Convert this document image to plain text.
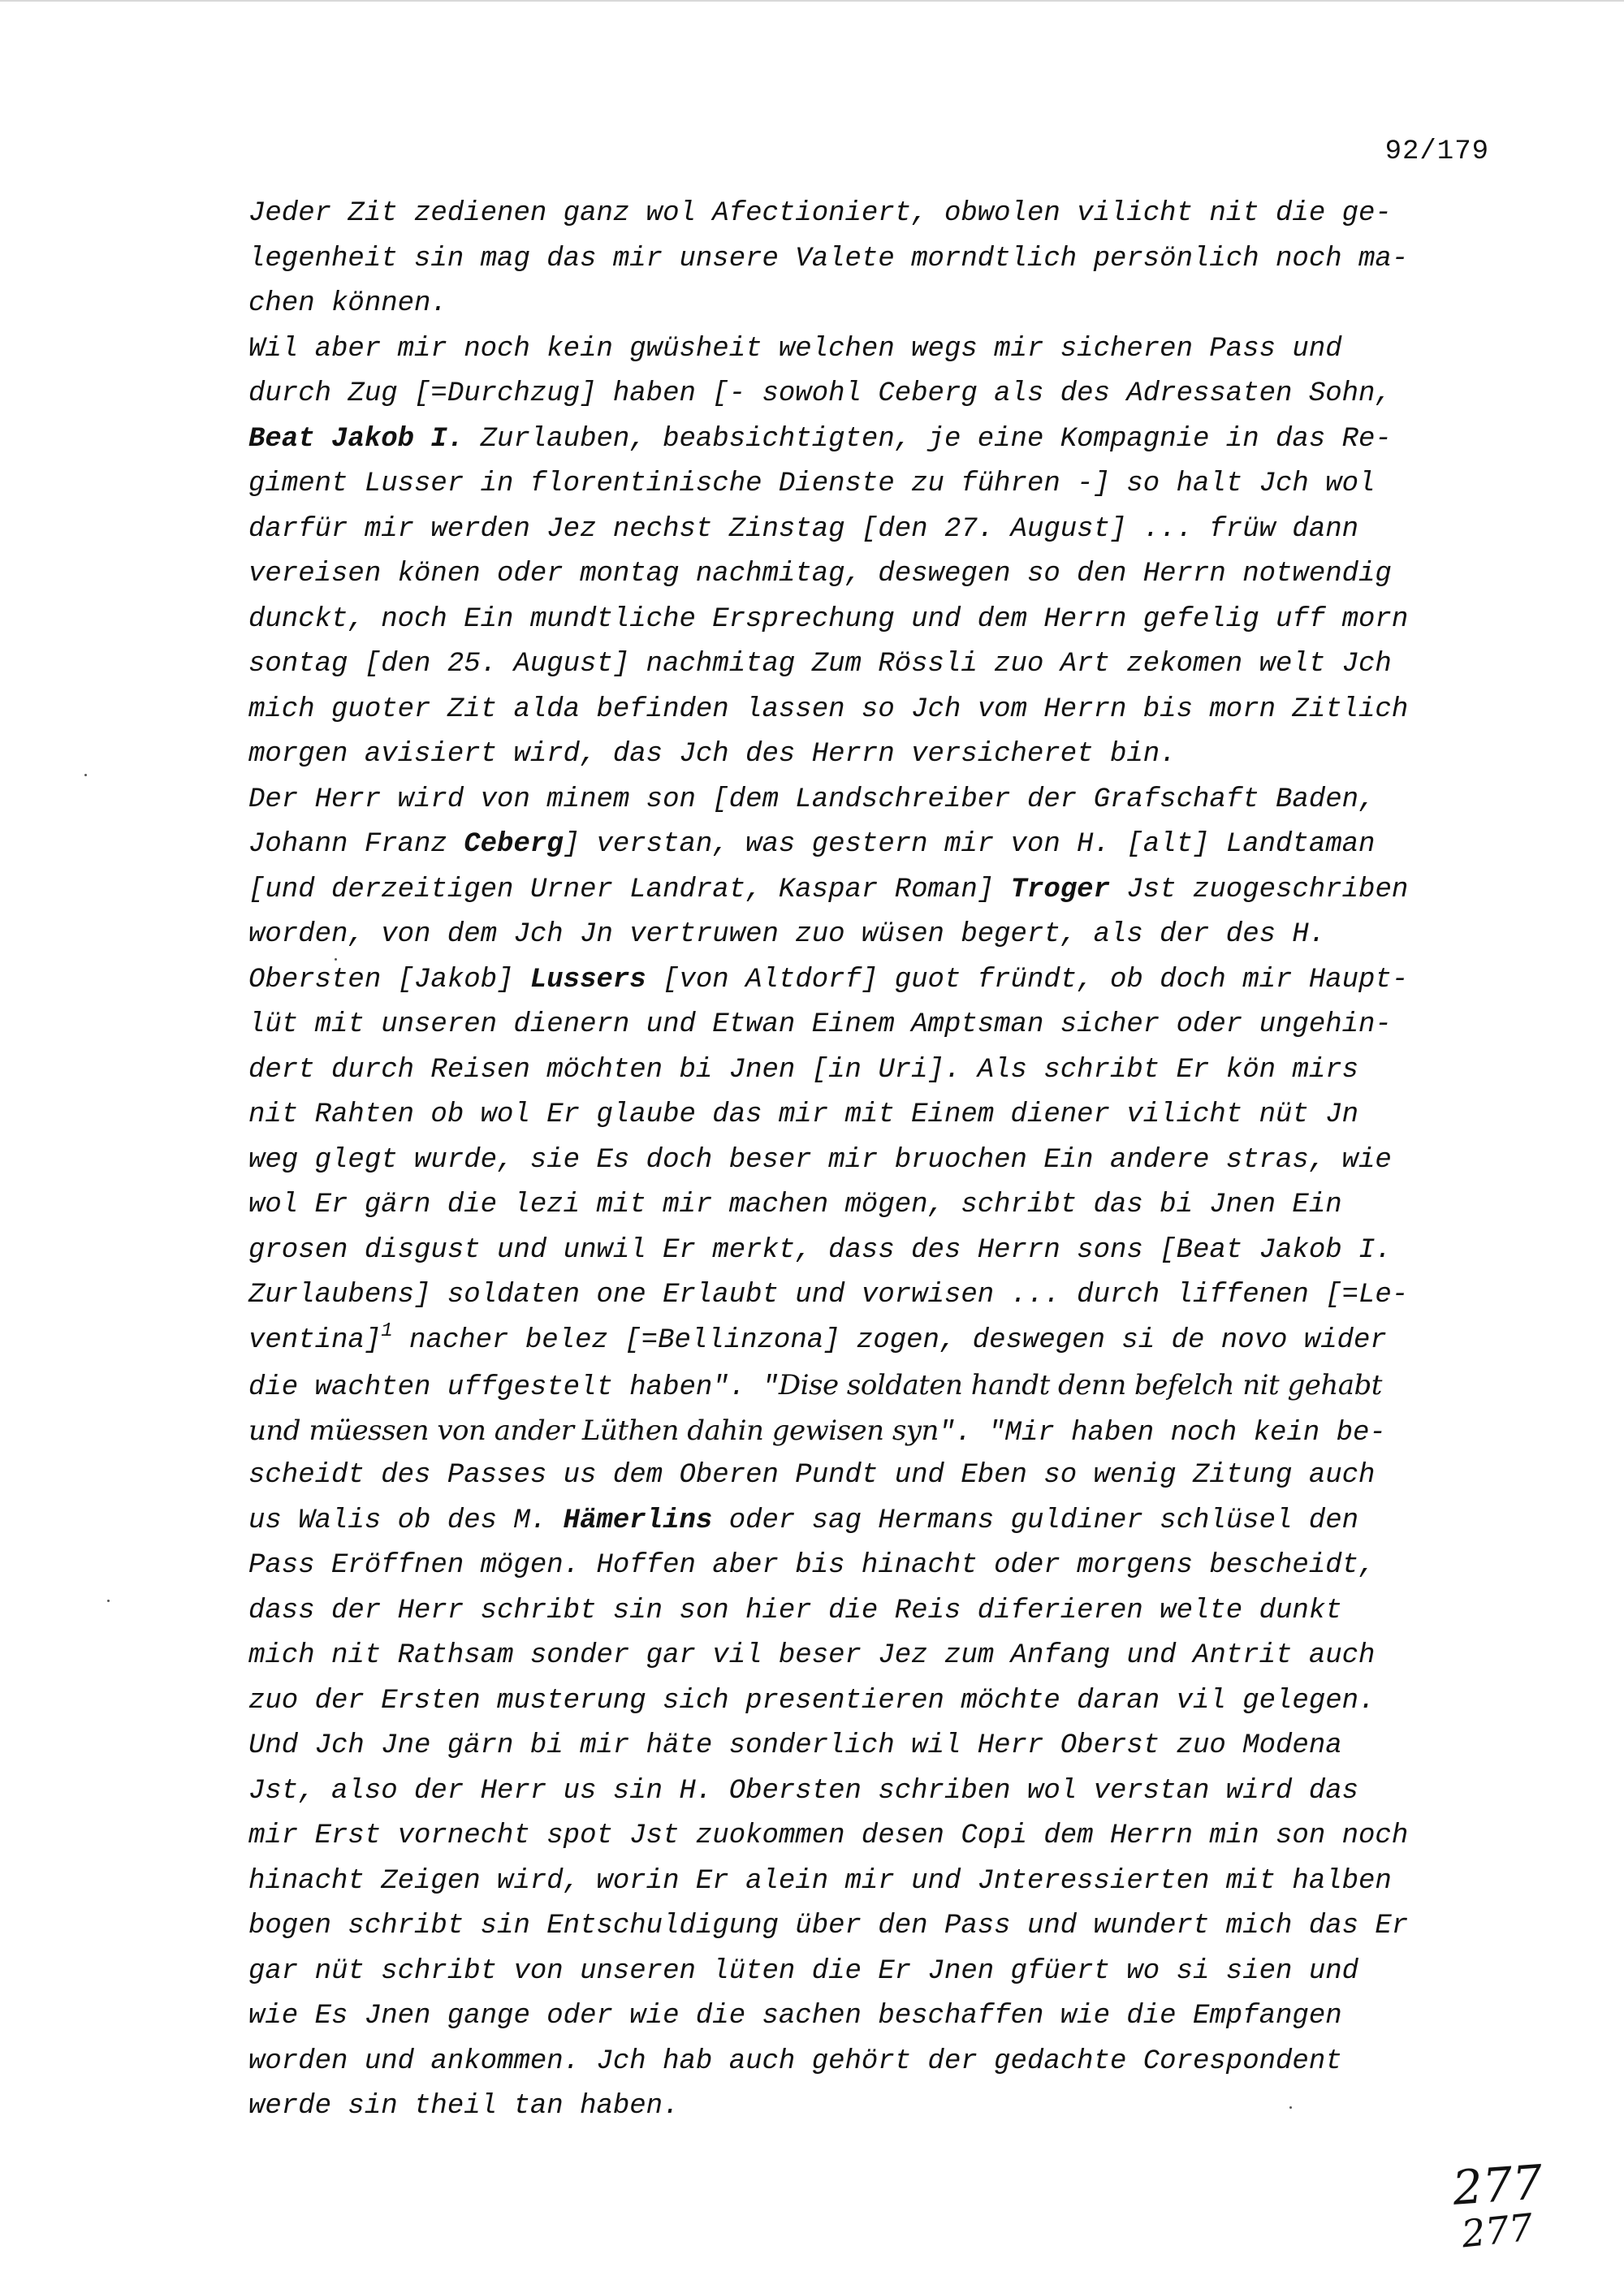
92/179
Jeder Zit zedienen ganz wol Afectioniert, obwolen vilicht nit die ge-
legenheit sin mag das mir unsere Valete morndtlich persönlich noch ma-
chen können.
Wil aber mir noch kein gwüsheit welchen wegs mir sicheren Pass und
durch Zug [=Durchzug] haben [- sowohl Ceberg als des Adressaten Sohn,
Beat Jakob I. Zurlauben, beabsichtigten, je eine Kompagnie in das Re-
giment Lusser in florentinische Dienste zu führen -] so halt Jch wol
darfür mir werden Jez nechst Zinstag [den 27. August] ... früw dann
vereisen könen oder montag nachmitag, deswegen so den Herrn notwendig
dunckt, noch Ein mundtliche Ersprechung und dem Herrn gefelig uff morn
sontag [den 25. August] nachmitag Zum Rössli zuo Art zekomen welt Jch
mich guoter Zit alda befinden lassen so Jch vom Herrn bis morn Zitlich
morgen avisiert wird, das Jch des Herrn versicheret bin.
Der Herr wird von minem son [dem Landschreiber der Grafschaft Baden,
Johann Franz Ceberg] verstan, was gestern mir von H. [alt] Landtaman
[und derzeitigen Urner Landrat, Kaspar Roman] Troger Jst zuogeschriben
worden, von dem Jch Jn vertruwen zuo wüsen begert, als der des H.
Obersten [Jakob] Lussers [von Altdorf] guot fründt, ob doch mir Haupt-
lüt mit unseren dienern und Etwan Einem Amptsman sicher oder ungehin-
dert durch Reisen möchten bi Jnen [in Uri]. Als schribt Er kön mirs
nit Rahten ob wol Er glaube das mir mit Einem diener vilicht nüt Jn
weg glegt wurde, sie Es doch beser mir bruochen Ein andere stras, wie
wol Er gärn die lezi mit mir machen mögen, schribt das bi Jnen Ein
grosen disgust und unwil Er merkt, dass des Herrn sons [Beat Jakob I.
Zurlaubens] soldaten one Erlaubt und vorwisen ... durch liffenen [=Le-
ventina]$^1$ nacher belez [=Bellinzona] zogen, deswegen si de novo wider
die wachten uffgestelt haben". "Dise soldaten handt denn befelch nit gehabt
und müessen von ander Lüthen dahin gewisen syn". "Mir haben noch kein be-
scheidt des Passes us dem Oberen Pundt und Eben so wenig Zitung auch
us Walis ob des M. Hämerlins oder sag Hermans guldiner schlüsel den
Pass Eröffnen mögen. Hoffen aber bis hinacht oder morgens bescheidt,
dass der Herr schribt sin son hier die Reis diferieren welte dunkt
mich nit Rathsam sonder gar vil beser Jez zum Anfang und Antrit auch
zuo der Ersten musterung sich presentieren möchte daran vil gelegen.
Und Jch Jne gärn bi mir häte sonderlich wil Herr Oberst zuo Modena
Jst, also der Herr us sin H. Obersten schriben wol verstan wird das
mir Erst vornecht spot Jst zuokommen desen Copi dem Herrn min son noch
hinacht Zeigen wird, worin Er alein mir und Jnteressierten mit halben
bogen schribt sin Entschuldigung über den Pass und wundert mich das Er
gar nüt schribt von unseren lüten die Er Jnen gfüert wo si sien und
wie Es Jnen gange oder wie die sachen beschaffen wie die Empfangen
worden und ankommen. Jch hab auch gehört der gedachte Corespondent
werde sin theil tan haben.
277
277
